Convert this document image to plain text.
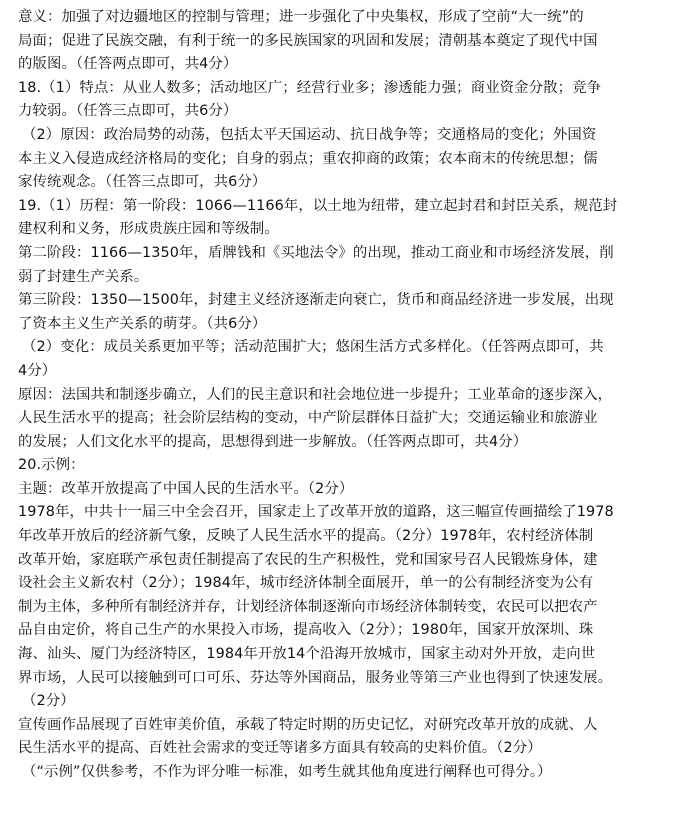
意义：加强了对边疆地区的控制与管理；进一步强化了中央集权，形成了空前“大一统”的
局面；促进了民族交融，有利于统一的多民族国家的巩固和发展；清朝基本奠定了现代中国
的版图。（任答两点即可，共4分）
18.（1）特点：从业人数多；活动地区广；经营行业多；渗透能力强；商业资金分散；竞争
力较弱。（任答三点即可，共6分）
（2）原因：政治局势的动荡，包括太平天国运动、抗日战争等；交通格局的变化；外国资
本主义入侵造成经济格局的变化；自身的弱点；重农抑商的政策；农本商末的传统思想；儒
家传统观念。（任答三点即可，共6分）
19.（1）历程：第一阶段：1066—1166年，以土地为纽带，建立起封君和封臣关系，规范封
建权利和义务，形成贵族庄园和等级制。
第二阶段：1166—1350年，盾牌钱和《买地法令》的出现，推动工商业和市场经济发展，削
弱了封建生产关系。
第三阶段：1350—1500年，封建主义经济逐渐走向衰亡，货币和商品经济进一步发展，出现
了资本主义生产关系的萌芽。（共6分）
（2）变化：成员关系更加平等；活动范围扩大；悠闲生活方式多样化。（任答两点即可，共
4分）
原因：法国共和制逐步确立，人们的民主意识和社会地位进一步提升；工业革命的逐步深入，
人民生活水平的提高；社会阶层结构的变动，中产阶层群体日益扩大；交通运输业和旅游业
的发展；人们文化水平的提高，思想得到进一步解放。（任答两点即可，共4分）
20.示例：
主题：改革开放提高了中国人民的生活水平。（2分）
1978年，中共十一届三中全会召开，国家走上了改革开放的道路，这三幅宣传画描绘了1978
年改革开放后的经济新气象，反映了人民生活水平的提高。（2分）1978年，农村经济体制
改革开始，家庭联产承包责任制提高了农民的生产积极性，党和国家号召人民锻炼身体，建
设社会主义新农村（2分）；1984年，城市经济体制全面展开，单一的公有制经济变为公有
制为主体，多种所有制经济并存，计划经济体制逐渐向市场经济体制转变，农民可以把农产
品自由定价，将自己生产的水果投入市场，提高收入（2分）；1980年，国家开放深圳、珠
海、汕头、厦门为经济特区，1984年开放14个沿海开放城市，国家主动对外开放，走向世
界市场，人民可以接触到可口可乐、芬达等外国商品，服务业等第三产业也得到了快速发展。
（2分）
宣传画作品展现了百姓审美价值，承载了特定时期的历史记忆，对研究改革开放的成就、人
民生活水平的提高、百姓社会需求的变迁等诸多方面具有较高的史料价值。（2分）
（“示例”仅供参考，不作为评分唯一标准，如考生就其他角度进行阐释也可得分。）
